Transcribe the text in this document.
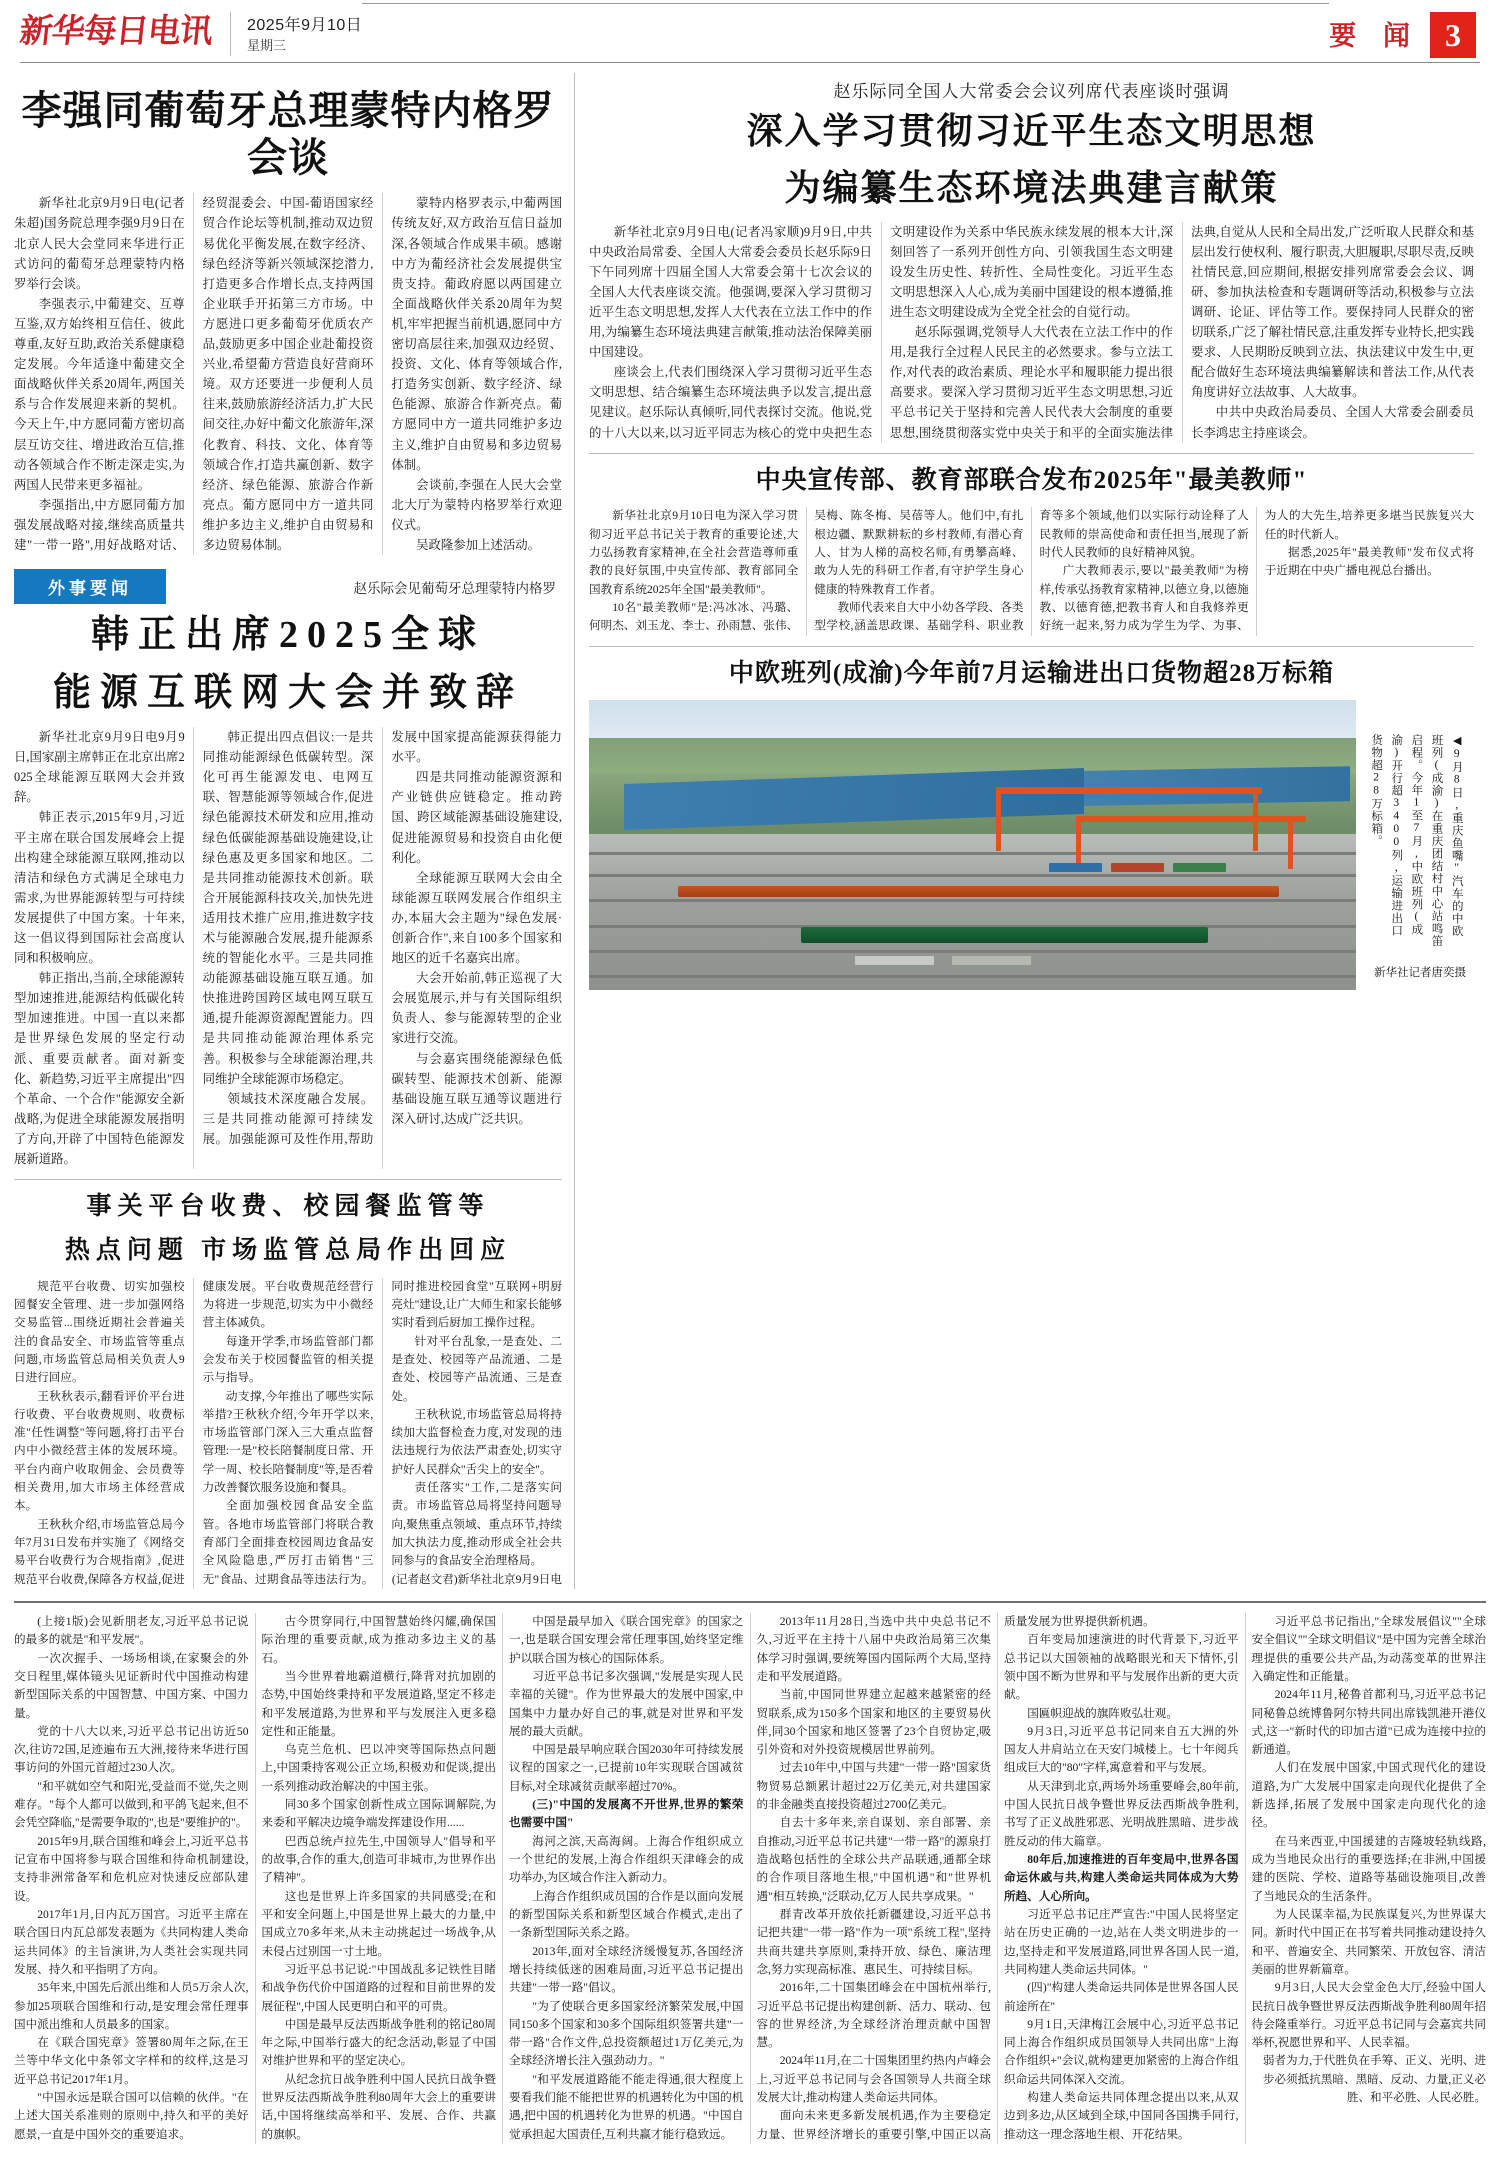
新华每日电讯 2025年9月10日
星期三	要 闻 3
李强同葡萄牙总理蒙特内格罗会谈

新华社北京9月9日电(记者朱超)国务院总理李强9月9日在北京人民大会堂同来华进行正式访问的葡萄牙总理蒙特内格罗举行会谈。

李强表示,中葡建交、互尊互鉴,双方始终相互信任、彼此尊重,友好互助,政治关系健康稳定发展。今年适逢中葡建交全面战略伙伴关系20周年,两国关系与合作发展迎来新的契机。今天上午,中方愿同葡方密切高层互访交往、增进政治互信,推动各领域合作不断走深走实,为两国人民带来更多福祉。

李强指出,中方愿同葡方加强发展战略对接,继续高质量共建"一带一路",用好战略对话、经贸混委会、中国-葡语国家经贸合作论坛等机制,推动双边贸易优化平衡发展,在数字经济、绿色经济等新兴领域深挖潜力,打造更多合作增长点,支持两国企业联手开拓第三方市场。中方愿进口更多葡萄牙优质农产品,鼓励更多中国企业赴葡投资兴业,希望葡方营造良好营商环境。双方还要进一步便利人员往来,鼓励旅游经济活力,扩大民间交往,办好中葡文化旅游年,深化教育、科技、文化、体育等领域合作,打造共赢创新、数字经济、绿色能源、旅游合作新亮点。葡方愿同中方一道共同维护多边主义,维护自由贸易和多边贸易体制。

蒙特内格罗表示,中葡两国传统友好,双方政治互信日益加深,各领域合作成果丰硕。感谢中方为葡经济社会发展提供宝贵支持。葡政府愿以两国建立全面战略伙伴关系20周年为契机,牢牢把握当前机遇,愿同中方密切高层往来,加强双边经贸、投资、文化、体育等领域合作,打造务实创新、数字经济、绿色能源、旅游合作新亮点。葡方愿同中方一道共同维护多边主义,维护自由贸易和多边贸易体制。

会谈前,李强在人民大会堂北大厅为蒙特内格罗举行欢迎仪式。

吴政隆参加上述活动。

外事要闻	赵乐际会见葡萄牙总理蒙特内格罗
韩正出席2025全球
能源互联网大会并致辞

新华社北京9月9日电9月9日,国家副主席韩正在北京出席2025全球能源互联网大会并致辞。

韩正表示,2015年9月,习近平主席在联合国发展峰会上提出构建全球能源互联网,推动以清洁和绿色方式满足全球电力需求,为世界能源转型与可持续发展提供了中国方案。十年来,这一倡议得到国际社会高度认同和积极响应。

韩正指出,当前,全球能源转型加速推进,能源结构低碳化转型加速推进。中国一直以来都是世界绿色发展的坚定行动派、重要贡献者。面对新变化、新趋势,习近平主席提出"四个革命、一个合作"能源安全新战略,为促进全球能源发展指明了方向,开辟了中国特色能源发展新道路。

韩正提出四点倡议:一是共同推动能源绿色低碳转型。深化可再生能源发电、电网互联、智慧能源等领域合作,促进绿色能源技术研发和应用,推动绿色低碳能源基础设施建设,让绿色惠及更多国家和地区。二是共同推动能源技术创新。联合开展能源科技攻关,加快先进适用技术推广应用,推进数字技术与能源融合发展,提升能源系统的智能化水平。三是共同推动能源基础设施互联互通。加快推进跨国跨区域电网互联互通,提升能源资源配置能力。四是共同推动能源治理体系完善。积极参与全球能源治理,共同维护全球能源市场稳定。

领域技术深度融合发展。三是共同推动能源可持续发展。加强能源可及性作用,帮助发展中国家提高能源获得能力水平。

四是共同推动能源资源和产业链供应链稳定。推动跨国、跨区域能源基础设施建设,促进能源贸易和投资自由化便利化。

全球能源互联网大会由全球能源互联网发展合作组织主办,本届大会主题为"绿色发展·创新合作",来自100多个国家和地区的近千名嘉宾出席。

大会开始前,韩正巡视了大会展览展示,并与有关国际组织负责人、参与能源转型的企业家进行交流。

与会嘉宾围绕能源绿色低碳转型、能源技术创新、能源基础设施互联互通等议题进行深入研讨,达成广泛共识。

事关平台收费、校园餐监管等
热点问题 市场监管总局作出回应

规范平台收费、切实加强校园餐安全管理、进一步加强网络交易监管...围绕近期社会普遍关注的食品安全、市场监管等重点问题,市场监管总局相关负责人9日进行回应。

王秋秋表示,翻看评价平台进行收费、平台收费规则、收费标准"任性调整"等问题,将打击平台内中小微经营主体的发展环境。平台内商户收取佣金、会员费等相关费用,加大市场主体经营成本。

王秋秋介绍,市场监管总局今年7月31日发布并实施了《网络交易平台收费行为合规指南》,促进规范平台收费,保障各方权益,促进健康发展。平台收费规范经营行为将进一步规范,切实为中小微经营主体减负。

每逢开学季,市场监管部门都会发布关于校园餐监管的相关提示与指导。

动支撑,今年推出了哪些实际举措?王秋秋介绍,今年开学以来,市场监管部门深入三大重点监督管理:一是"校长陪餐制度日常、开学一周、校长陪餐制度"等,是否着力改善餐饮服务设施和餐具。

全面加强校园食品安全监管。各地市场监管部门将联合教育部门全面排查校园周边食品安全风险隐患,严厉打击销售"三无"食品、过期食品等违法行为。同时推进校园食堂"互联网+明厨亮灶"建设,让广大师生和家长能够实时看到后厨加工操作过程。

针对平台乱象,一是查处、二是查处、校园等产品流通、二是查处、校园等产品流通、三是查处。

王秋秋说,市场监管总局将持续加大监督检查力度,对发现的违法违规行为依法严肃查处,切实守护好人民群众"舌尖上的安全"。

责任落实"工作,二是落实问责。市场监管总局将坚持问题导向,聚焦重点领域、重点环节,持续加大执法力度,推动形成全社会共同参与的食品安全治理格局。

(记者赵文君)新华社北京9月9日电

赵乐际同全国人大常委会会议列席代表座谈时强调
深入学习贯彻习近平生态文明思想
为编纂生态环境法典建言献策

新华社北京9月9日电(记者冯家顺)9月9日,中共中央政治局常委、全国人大常委会委员长赵乐际9日下午同列席十四届全国人大常委会第十七次会议的全国人大代表座谈交流。他强调,要深入学习贯彻习近平生态文明思想,发挥人大代表在立法工作中的作用,为编纂生态环境法典建言献策,推动法治保障美丽中国建设。

座谈会上,代表们围绕深入学习贯彻习近平生态文明思想、结合编纂生态环境法典予以发言,提出意见建议。赵乐际认真倾听,同代表探讨交流。他说,党的十八大以来,以习近平同志为核心的党中央把生态文明建设作为关系中华民族永续发展的根本大计,深刻回答了一系列开创性方向、引领我国生态文明建设发生历史性、转折性、全局性变化。习近平生态文明思想深入人心,成为美丽中国建设的根本遵循,推进生态文明建设成为全党全社会的自觉行动。

赵乐际强调,党领导人大代表在立法工作中的作用,是我行全过程人民民主的必然要求。参与立法工作,对代表的政治素质、理论水平和履职能力提出很高要求。要深入学习贯彻习近平生态文明思想,习近平总书记关于坚持和完善人民代表大会制度的重要思想,围绕贯彻落实党中央关于和平的全面实施法律法典,自觉从人民和全局出发,广泛听取人民群众和基层出发行使权利、履行职责,大胆履职,尽职尽责,反映社情民意,回应期间,根据安排列席常委会会议、调研、参加执法检查和专题调研等活动,积极参与立法调研、论证、评估等工作。要保持同人民群众的密切联系,广泛了解社情民意,注重发挥专业特长,把实践要求、人民期盼反映到立法、执法建议中发生中,更配合做好生态环境法典编纂解读和普法工作,从代表角度讲好立法故事、人大故事。

中共中央政治局委员、全国人大常委会副委员长李鸿忠主持座谈会。

中央宣传部、教育部联合发布2025年"最美教师"

新华社北京9月10日电为深入学习贯彻习近平总书记关于教育的重要论述,大力弘扬教育家精神,在全社会营造尊师重教的良好氛围,中央宣传部、教育部同全国教育系统2025年全国"最美教师"。

10名"最美教师"是:冯冰冰、冯璐、何明杰、刘玉龙、李士、孙雨慧、张伟、吴梅、陈冬梅、吴蓓等人。他们中,有扎根边疆、默默耕耘的乡村教师,有潜心育人、甘为人梯的高校名师,有勇攀高峰、敢为人先的科研工作者,有守护学生身心健康的特殊教育工作者。

教师代表来自大中小幼各学段、各类型学校,涵盖思政课、基础学科、职业教育等多个领域,他们以实际行动诠释了人民教师的崇高使命和责任担当,展现了新时代人民教师的良好精神风貌。

广大教师表示,要以"最美教师"为榜样,传承弘扬教育家精神,以德立身,以德施教、以德育德,把教书育人和自我修养更好统一起来,努力成为学生为学、为事、为人的大先生,培养更多堪当民族复兴大任的时代新人。

据悉,2025年"最美教师"发布仪式将于近期在中央广播电视总台播出。

中欧班列(成渝)今年前7月运输进出口货物超28万标箱
◀9月8日,重庆鱼嘴"汽车的中欧班列(成渝)在重庆团结村中心站鸣笛启程。今年1至7月,中欧班列(成渝)开行超3400列,运输进出口货物超28万标箱。
新华社记者唐奕摄

(上接1版)会见新朋老友,习近平总书记说的最多的就是"和平发展"。

一次次握手、一场场相谈,在家聚会的外交日程里,媒体镜头见证新时代中国推动构建新型国际关系的中国智慧、中国方案、中国力量。

党的十八大以来,习近平总书记出访近50次,往访72国,足迹遍布五大洲,接待来华进行国事访问的外国元首超过230人次。

"和平就如空气和阳光,受益而不觉,失之则难存。"每个人都可以做到,和平鸽飞起来,但不会凭空降临,"是需要争取的",也是"要维护的"。

2015年9月,联合国维和峰会上,习近平总书记宣布中国将参与联合国维和待命机制建设,支持非洲常备军和危机应对快速反应部队建设。

2017年1月,日内瓦万国宫。习近平主席在联合国日内瓦总部发表题为《共同构建人类命运共同体》的主旨演讲,为人类社会实现共同发展、持久和平指明了方向。

35年来,中国先后派出维和人员5万余人次,参加25项联合国维和行动,是安理会常任理事国中派出维和人员最多的国家。

在《联合国宪章》签署80周年之际,在王兰等中华文化中条邻文字样和的纹样,这是习近平总书记2017年1月。

"中国永远是联合国可以信赖的伙伴。"在上述大国关系准则的原则中,持久和平的美好愿景,一直是中国外交的重要追求。

古今贯穿同行,中国智慧始终闪耀,确保国际治理的重要贡献,成为推动多边主义的基石。

当今世界着地霸道横行,降背对抗加剧的态势,中国始终秉持和平发展道路,坚定不移走和平发展道路,为世界和平与发展注入更多稳定性和正能量。

乌克兰危机、巴以冲突等国际热点问题上,中国秉持客观公正立场,积极劝和促谈,提出一系列推动政治解决的中国主张。

同30多个国家创新性成立国际调解院,为来委和平解决边境争端发挥建设作用......

巴西总统卢拉先生,中国领导人"倡导和平的故事,合作的重大,创造可非城市,为世界作出了精神"。

这也是世界上许多国家的共同感受;在和平和安全问题上,中国是世界上最大的力量,中国成立70多年来,从未主动挑起过一场战争,从未侵占过别国一寸土地。

习近平总书记说:"中国战乱多记铁性目睹和战争伤代价中国道路的过程和目前世界的发展征程",中国人民更明白和平的可贵。

中国是最早反法西斯战争胜利的铭记80周年之际,中国举行盛大的纪念活动,彰显了中国对维护世界和平的坚定决心。

从纪念抗日战争胜利中国人民抗日战争暨世界反法西斯战争胜利80周年大会上的重要讲话,中国将继续高举和平、发展、合作、共赢的旗帜。

中国是最早加入《联合国宪章》的国家之一,也是联合国安理会常任理事国,始终坚定维护以联合国为核心的国际体系。

习近平总书记多次强调,"发展是实现人民幸福的关键"。作为世界最大的发展中国家,中国集中力量办好自己的事,就是对世界和平发展的最大贡献。

中国是最早响应联合国2030年可持续发展议程的国家之一,已提前10年实现联合国减贫目标,对全球减贫贡献率超过70%。

(三)"中国的发展离不开世界,世界的繁荣也需要中国"

海河之滨,天高海阔。上海合作组织成立一个世纪的发展,上海合作组织天津峰会的成功举办,为区域合作注入新动力。

上海合作组织成员国的合作是以面向发展的新型国际关系和新型区域合作模式,走出了一条新型国际关系之路。

2013年,面对全球经济缓慢复苏,各国经济增长持续低迷的困难局面,习近平总书记提出共建"一带一路"倡议。

"为了使联合更多国家经济繁荣发展,中国同150多个国家和30多个国际组织签署共建"一带一路"合作文件,总投资额超过1万亿美元,为全球经济增长注入强劲动力。"

"和平发展道路能不能走得通,很大程度上要看我们能不能把世界的机遇转化为中国的机遇,把中国的机遇转化为世界的机遇。"中国自觉承担起大国责任,互利共赢才能行稳致远。

2013年11月28日,当选中共中央总书记不久,习近平在主持十八届中央政治局第三次集体学习时强调,要统筹国内国际两个大局,坚持走和平发展道路。

当前,中国同世界建立起越来越紧密的经贸联系,成为150多个国家和地区的主要贸易伙伴,同30个国家和地区签署了23个自贸协定,吸引外资和对外投资规模居世界前列。

过去10年中,中国与共建"一带一路"国家货物贸易总额累计超过22万亿美元,对共建国家的非金融类直接投资超过2700亿美元。

自去十多年来,亲自谋划、亲自部署、亲自推动,习近平总书记共建"一带一路"的源泉打造战略包括性的全球公共产品联通,通都全球的合作项目落地生根,"中国机遇"和"世界机遇"相互转换,"泛联动,亿万人民共享成果。"

群青改革开放依托新疆建设,习近平总书记把共建"一带一路"作为一项"系统工程",坚持共商共建共享原则,秉持开放、绿色、廉洁理念,努力实现高标准、惠民生、可持续目标。

2016年,二十国集团峰会在中国杭州举行,习近平总书记提出构建创新、活力、联动、包容的世界经济,为全球经济治理贡献中国智慧。

2024年11月,在二十国集团里约热内卢峰会上,习近平总书记同与会各国领导人共商全球发展大计,推动构建人类命运共同体。

面向未来更多新发展机遇,作为主要稳定力量、世界经济增长的重要引擎,中国正以高质量发展为世界提供新机遇。

百年变局加速演进的时代背景下,习近平总书记以大国领袖的战略眼光和天下情怀,引领中国不断为世界和平与发展作出新的更大贡献。

国匾帜迎战的旗阵败弘壮观。

9月3日,习近平总书记同来自五大洲的外国友人井肩站立在天安门城楼上。七十年阅兵组成巨大的"80"字样,寓意着和平与发展。

从天津到北京,两场外场重要峰会,80年前,中国人民抗日战争暨世界反法西斯战争胜利,书写了正义战胜邪恶、光明战胜黑暗、进步战胜反动的伟大篇章。

80年后,加速推进的百年变局中,世界各国命运休戚与共,构建人类命运共同体成为大势所趋、人心所向。

习近平总书记庄严宣告:"中国人民将坚定站在历史正确的一边,站在人类文明进步的一边,坚持走和平发展道路,同世界各国人民一道,共同构建人类命运共同体。"

(四)"构建人类命运共同体是世界各国人民前途所在"

9月1日,天津梅江会展中心,习近平总书记同上海合作组织成员国领导人共同出席"上海合作组织+"会议,就构建更加紧密的上海合作组织命运共同体深入交流。

构建人类命运共同体理念提出以来,从双边到多边,从区域到全球,中国同各国携手同行,推动这一理念落地生根、开花结果。

习近平总书记指出,"全球发展倡议""全球安全倡议""全球文明倡议"是中国为完善全球治理提供的重要公共产品,为动荡变革的世界注入确定性和正能量。

2024年11月,秘鲁首都利马,习近平总书记同秘鲁总统博鲁阿尔特共同出席钱凯港开港仪式,这一"新时代的印加古道"已成为连接中拉的新通道。

人们在发展中国家,中国式现代化的建设道路,为广大发展中国家走向现代化提供了全新选择,拓展了发展中国家走向现代化的途径。

在马来西亚,中国援建的吉隆坡轻轨线路,成为当地民众出行的重要选择;在非洲,中国援建的医院、学校、道路等基础设施项目,改善了当地民众的生活条件。

为人民谋幸福,为民族谋复兴,为世界谋大同。新时代中国正在书写着共同推动建设持久和平、普遍安全、共同繁荣、开放包容、清洁美丽的世界新篇章。

9月3日,人民大会堂金色大厅,经验中国人民抗日战争暨世界反法西斯战争胜利80周年招待会隆重举行。习近平总书记同与会嘉宾共同举杯,祝愿世界和平、人民幸福。

弱者为力,于代胜负在手筹、正义、光明、进步必须抵抗黑暗、黑暗、反动、力量,正义必胜、和平必胜、人民必胜。
